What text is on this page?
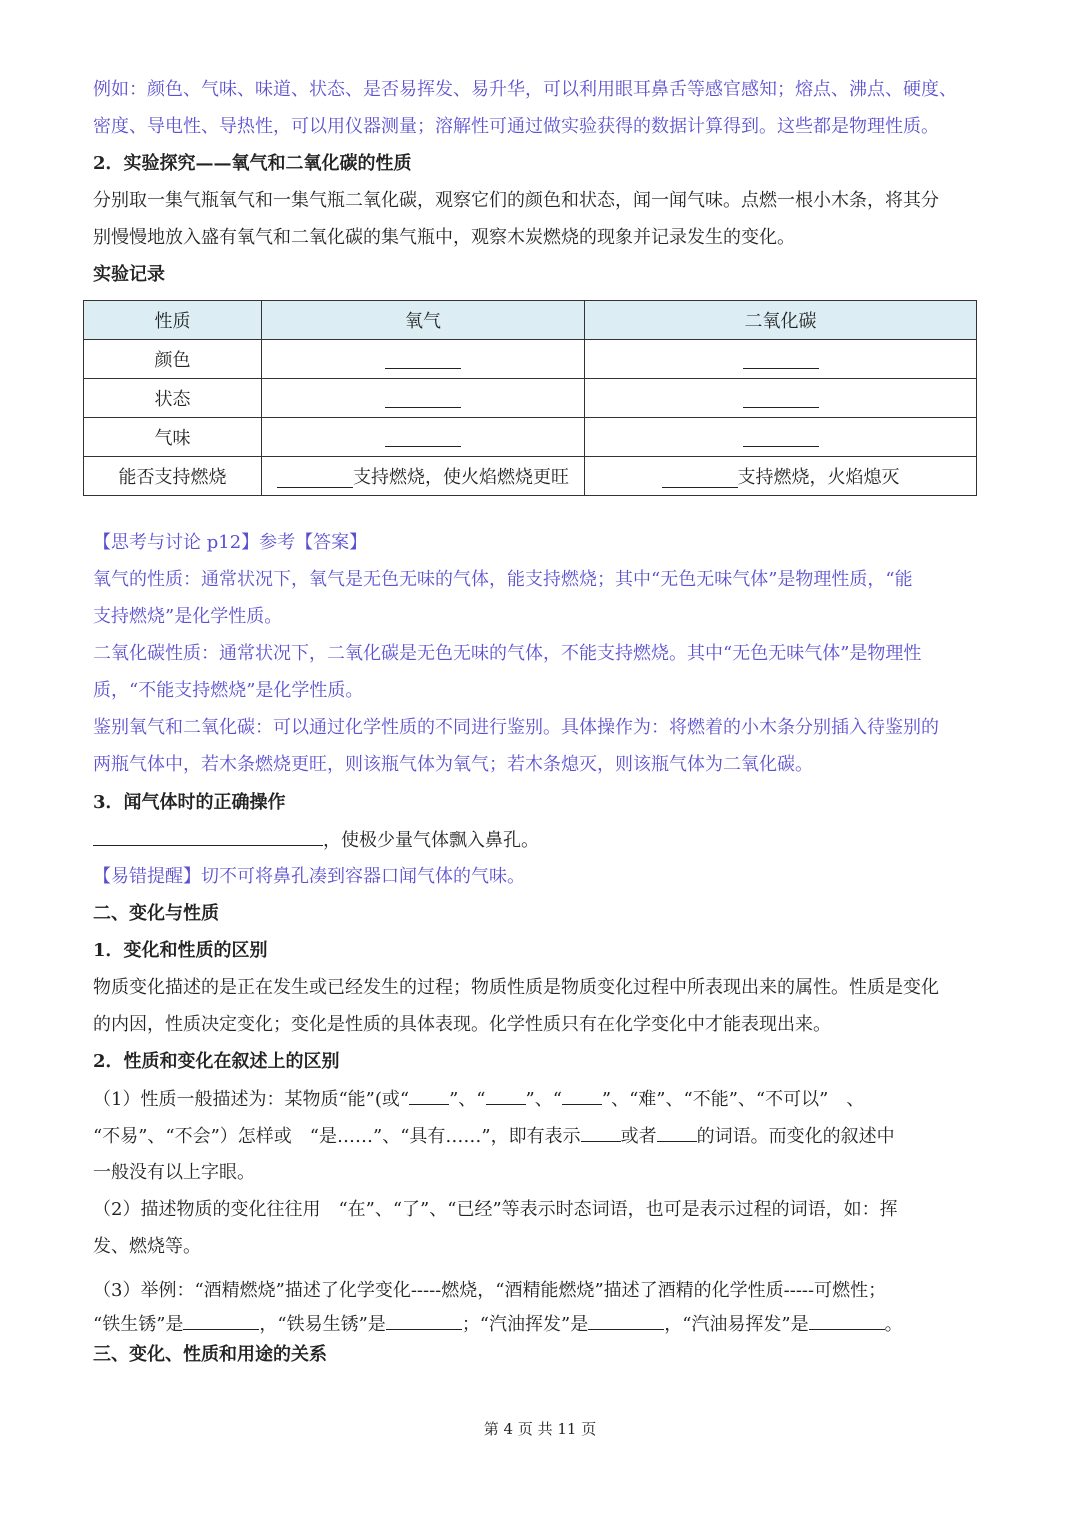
例如：颜色、气味、味道、状态、是否易挥发、易升华，可以利用眼耳鼻舌等感官感知；熔点、沸点、硬度、
密度、导电性、导热性，可以用仪器测量；溶解性可通过做实验获得的数据计算得到。这些都是物理性质。
2．实验探究——氧气和二氧化碳的性质
分别取一集气瓶氧气和一集气瓶二氧化碳，观察它们的颜色和状态，闻一闻气味。点燃一根小木条，将其分
别慢慢地放入盛有氧气和二氧化碳的集气瓶中，观察木炭燃烧的现象并记录发生的变化。
实验记录
性质	氧气	二氧化碳
颜色		
状态		
气味		
能否支持燃烧	支持燃烧，使火焰燃烧更旺	支持燃烧，火焰熄灭
【思考与讨论 p12】参考【答案】
氧气的性质：通常状况下，氧气是无色无味的气体，能支持燃烧；其中“无色无味气体”是物理性质，“能
支持燃烧”是化学性质。
二氧化碳性质：通常状况下，二氧化碳是无色无味的气体，不能支持燃烧。其中“无色无味气体”是物理性
质，“不能支持燃烧”是化学性质。
鉴别氧气和二氧化碳：可以通过化学性质的不同进行鉴别。具体操作为：将燃着的小木条分别插入待鉴别的
两瓶气体中，若木条燃烧更旺，则该瓶气体为氧气；若木条熄灭，则该瓶气体为二氧化碳。
3．闻气体时的正确操作
，使极少量气体飘入鼻孔。
【易错提醒】切不可将鼻孔凑到容器口闻气体的气味。
二、变化与性质
1．变化和性质的区别
物质变化描述的是正在发生或已经发生的过程；物质性质是物质变化过程中所表现出来的属性。性质是变化
的内因，性质决定变化；变化是性质的具体表现。化学性质只有在化学变化中才能表现出来。
2．性质和变化在叙述上的区别
（1）性质一般描述为：某物质“能”(或“ ”、“ ”、“ ”、“难”、“不能”、“不可以”　、
“不易”、“不会”）怎样或　“是……”、“具有……”，即有表示 或者 的词语。而变化的叙述中
一般没有以上字眼。
（2）描述物质的变化往往用　“在”、“了”、“已经”等表示时态词语，也可是表示过程的词语，如：挥
发、燃烧等。
（3）举例：“酒精燃烧”描述了化学变化-----燃烧，“酒精能燃烧”描述了酒精的化学性质-----可燃性；
“铁生锈”是	，“铁易生锈”是	；“汽油挥发”是	，“汽油易挥发”是	。
三、变化、性质和用途的关系
第 4 页 共 11 页
